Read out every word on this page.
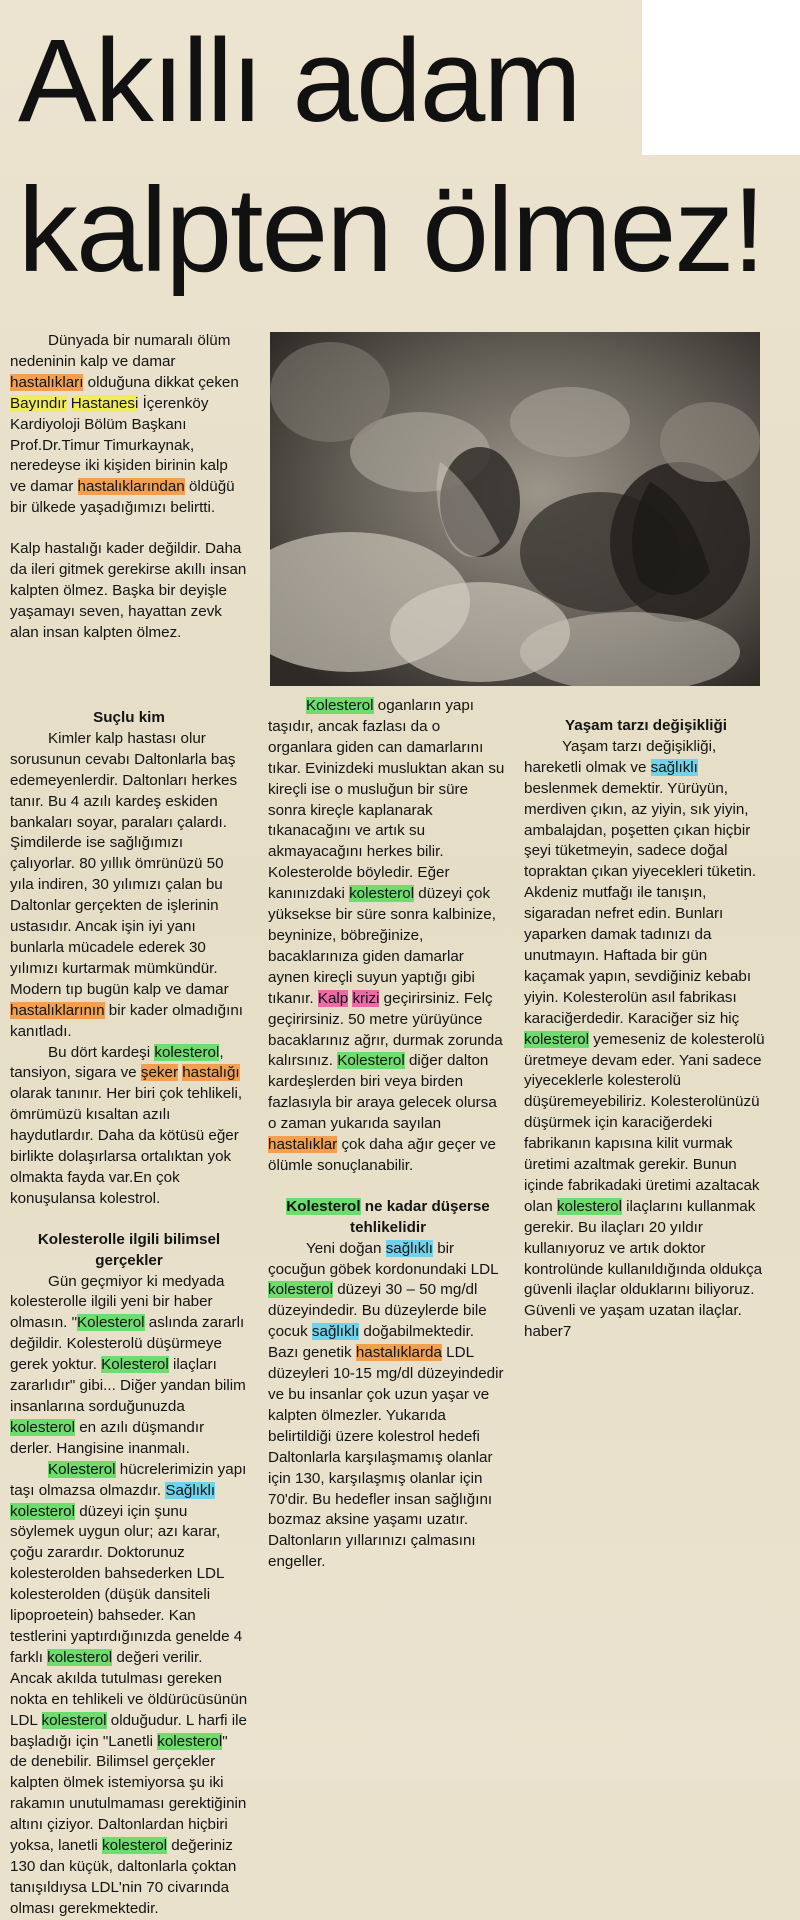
Akıllı adam
kalpten ölmez!

Dünyada bir numaralı ölüm nedeninin kalp ve damar hastalıkları olduğuna dikkat çeken Bayındır Hastanesi İçerenköy Kardiyoloji Bölüm Başkanı Prof.Dr.Timur Timurkaynak, neredeyse iki kişiden birinin kalp ve damar hastalıklarından öldüğü bir ülkede yaşadığımızı belirtti.

Kalp hastalığı kader değildir. Daha da ileri gitmek gerekirse akıllı insan kalpten ölmez. Başka bir deyişle yaşamayı seven, hayattan zevk alan insan kalpten ölmez.

Suçlu kim

Kimler kalp hastası olur sorusunun cevabı Daltonlarla baş edemeyenlerdir. Daltonları herkes tanır. Bu 4 azılı kardeş eskiden bankaları soyar, paraları çalardı. Şimdilerde ise sağlığımızı çalıyorlar. 80 yıllık ömrünüzü 50 yıla indiren, 30 yılımızı çalan bu Daltonlar gerçekten de işlerinin ustasıdır. Ancak işin iyi yanı bunlarla mücadele ederek 30 yılımızı kurtarmak mümkündür. Modern tıp bugün kalp ve damar hastalıklarının bir kader olmadığını kanıtladı.

Bu dört kardeşi kolesterol, tansiyon, sigara ve şeker hastalığı olarak tanınır. Her biri çok tehlikeli, ömrümüzü kısaltan azılı haydutlardır. Daha da kötüsü eğer birlikte dolaşırlarsa ortalıktan yok olmakta fayda var.En çok konuşulansa kolestrol.

Kolesterolle ilgili bilimsel gerçekler

Gün geçmiyor ki medyada kolesterolle ilgili yeni bir haber olmasın. "Kolesterol aslında zararlı değildir. Kolesterolü düşürmeye gerek yoktur. Kolesterol ilaçları zararlıdır" gibi... Diğer yandan bilim insanlarına sorduğunuzda kolesterol en azılı düşmandır derler. Hangisine inanmalı.

Kolesterol hücrelerimizin yapı taşı olmazsa olmazdır. Sağlıklı kolesterol düzeyi için şunu söylemek uygun olur; azı karar, çoğu zarardır. Doktorunuz kolesterolden bahsederken LDL kolesterolden (düşük dansiteli lipoproetein) bahseder. Kan testlerini yaptırdığınızda genelde 4 farklı kolesterol değeri verilir. Ancak akılda tutulması gereken nokta en tehlikeli ve öldürücüsünün LDL kolesterol olduğudur. L harfi ile başladığı için "Lanetli kolesterol" de denebilir. Bilimsel gerçekler kalpten ölmek istemiyorsa şu iki rakamın unutulmaması gerektiğinin altını çiziyor. Daltonlardan hiçbiri yoksa, lanetli kolesterol değeriniz 130 dan küçük, daltonlarla çoktan tanışıldıysa LDL'nin 70 civarında olması gerekmektedir.

Kolesterol oganların yapı taşıdır, ancak fazlası da o organlara giden can damarlarını tıkar. Evinizdeki musluktan akan su kireçli ise o musluğun bir süre sonra kireçle kaplanarak tıkanacağını ve artık su akmayacağını herkes bilir. Kolesterolde böyledir. Eğer kanınızdaki kolesterol düzeyi çok yüksekse bir süre sonra kalbinize, beyninize, böbreğinize, bacaklarınıza giden damarlar aynen kireçli suyun yaptığı gibi tıkanır. Kalp krizi geçirirsiniz. Felç geçirirsiniz. 50 metre yürüyünce bacaklarınız ağrır, durmak zorunda kalırsınız. Kolesterol diğer dalton kardeşlerden biri veya birden fazlasıyla bir araya gelecek olursa o zaman yukarıda sayılan hastalıklar çok daha ağır geçer ve ölümle sonuçlanabilir.

Kolesterol ne kadar düşerse tehlikelidir

Yeni doğan sağlıklı bir çocuğun göbek kordonundaki LDL kolesterol düzeyi 30 – 50 mg/dl düzeyindedir. Bu düzeylerde bile çocuk sağlıklı doğabilmektedir. Bazı genetik hastalıklarda LDL düzeyleri 10-15 mg/dl düzeyindedir ve bu insanlar çok uzun yaşar ve kalpten ölmezler. Yukarıda belirtildiği üzere kolestrol hedefi Daltonlarla karşılaşmamış olanlar için 130, karşılaşmış olanlar için 70'dir. Bu hedefler insan sağlığını bozmaz aksine yaşamı uzatır. Daltonların yıllarınızı çalmasını engeller.

Yaşam tarzı değişikliği

Yaşam tarzı değişikliği, hareketli olmak ve sağlıklı beslenmek demektir. Yürüyün, merdiven çıkın, az yiyin, sık yiyin, ambalajdan, poşetten çıkan hiçbir şeyi tüketmeyin, sadece doğal topraktan çıkan yiyecekleri tüketin. Akdeniz mutfağı ile tanışın, sigaradan nefret edin. Bunları yaparken damak tadınızı da unutmayın. Haftada bir gün kaçamak yapın, sevdiğiniz kebabı yiyin. Kolesterolün asıl fabrikası karaciğerdedir. Karaciğer siz hiç kolesterol yemeseniz de kolesterolü üretmeye devam eder. Yani sadece yiyeceklerle kolesterolü düşüremeyebiliriz. Kolesterolünüzü düşürmek için karaciğerdeki fabrikanın kapısına kilit vurmak üretimi azaltmak gerekir. Bunun içinde fabrikadaki üretimi azaltacak olan kolesterol ilaçlarını kullanmak gerekir. Bu ilaçları 20 yıldır kullanıyoruz ve artık doktor kontrolünde kullanıldığında oldukça güvenli ilaçlar olduklarını biliyoruz. Güvenli ve yaşam uzatan ilaçlar.

haber7
